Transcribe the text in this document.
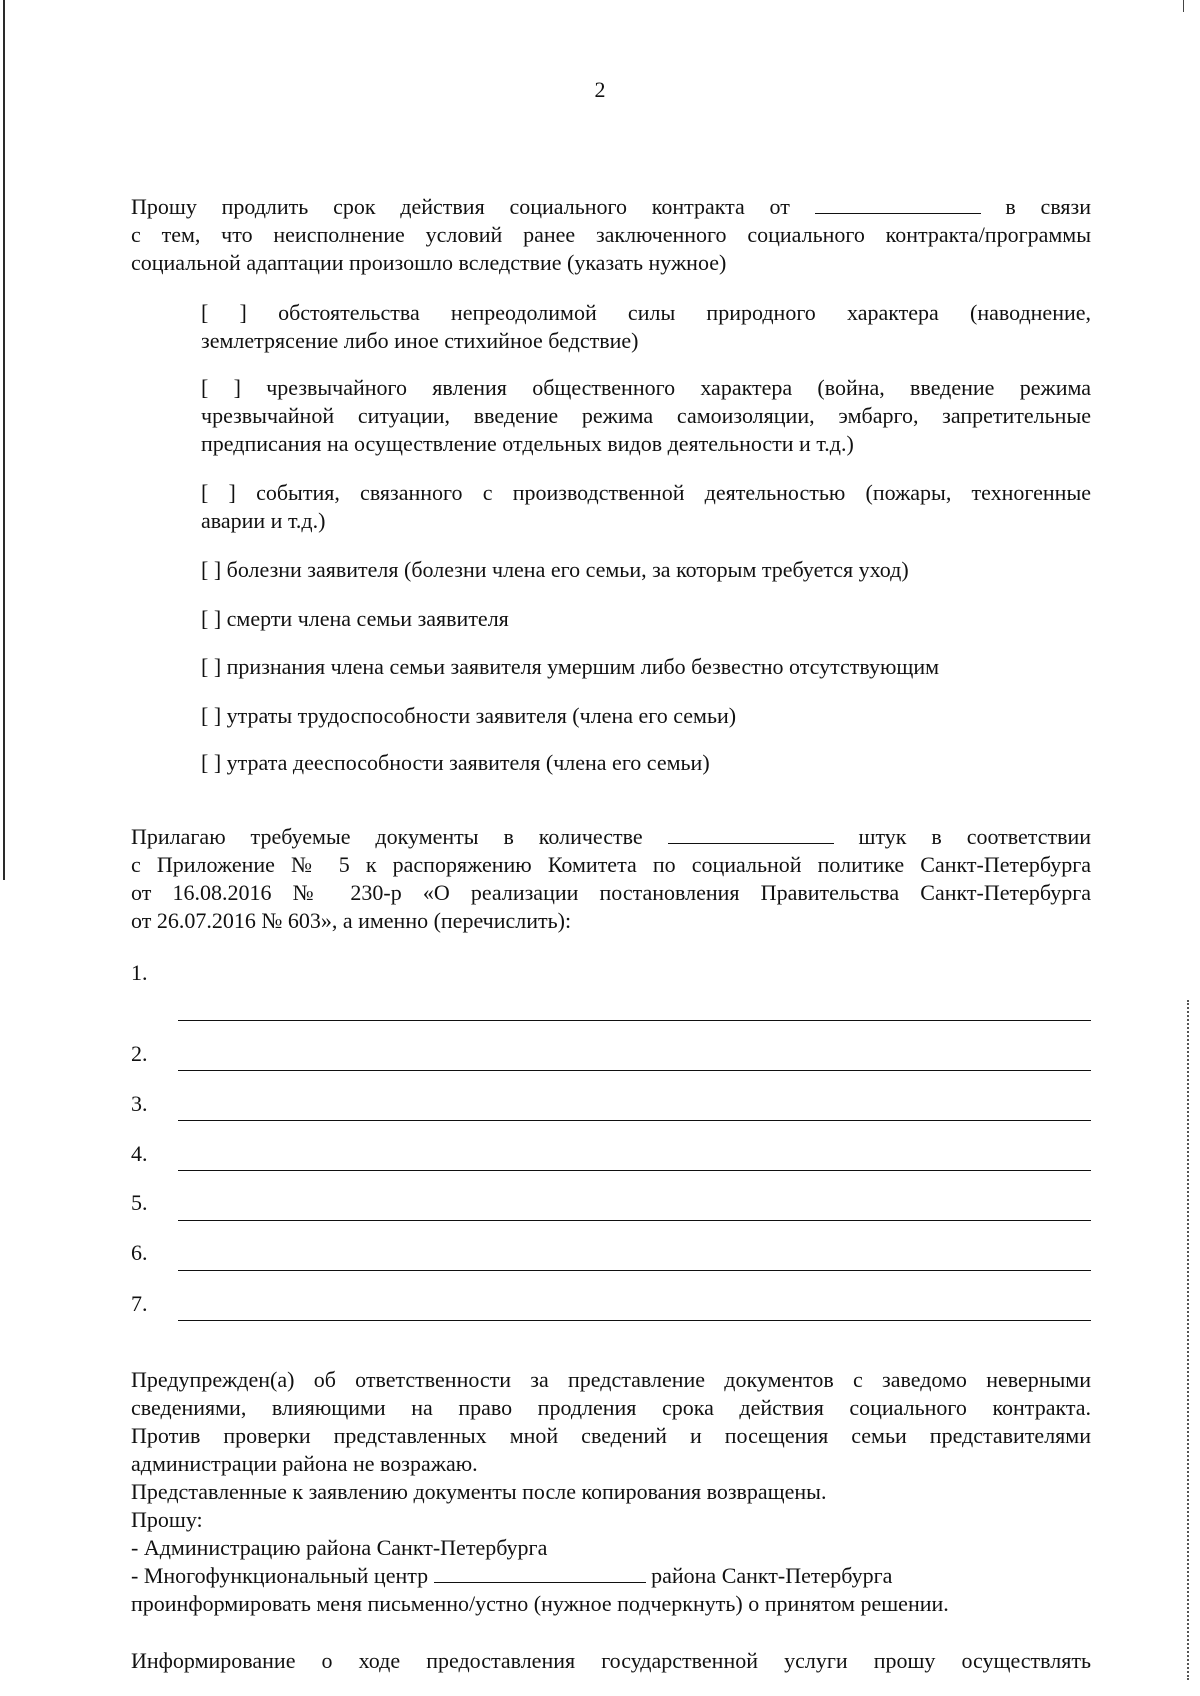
2
Прошу продлить срок действия социального контракта от	в связи
с тем, что неисполнение условий ранее заключенного социального контракта/программы
социальной адаптации произошло вследствие (указать нужное)
[ ] обстоятельства непреодолимой силы природного характера (наводнение,
землетрясение либо иное стихийное бедствие)
[ ] чрезвычайного явления общественного характера (война, введение режима
чрезвычайной ситуации, введение режима самоизоляции, эмбарго, запретительные
предписания на осуществление отдельных видов деятельности и т.д.)
[ ] события, связанного с производственной деятельностью (пожары, техногенные
аварии и т.д.)
[ ] болезни заявителя (болезни члена его семьи, за которым требуется уход)
[ ] смерти члена семьи заявителя
[ ] признания члена семьи заявителя умершим либо безвестно отсутствующим
[ ] утраты трудоспособности заявителя (члена его семьи)
[ ] утрата дееспособности заявителя (члена его семьи)
Прилагаю требуемые документы в количестве	штук в соответствии
с Приложение № 5 к распоряжению Комитета по социальной политике Санкт-Петербурга
от 16.08.2016 № 230-р «О реализации постановления Правительства Санкт-Петербурга
от 26.07.2016 № 603», а именно (перечислить):
1.
2.
3.
4.
5.
6.
7.
Предупрежден(а) об ответственности за представление документов с заведомо неверными
сведениями, влияющими на право продления срока действия социального контракта.
Против проверки представленных мной сведений и посещения семьи представителями
администрации района не возражаю.
Представленные к заявлению документы после копирования возвращены.
Прошу:
- Администрацию района Санкт-Петербурга
- Многофункциональный центр	района Санкт-Петербурга
проинформировать меня письменно/устно (нужное подчеркнуть) о принятом решении.
Информирование о ходе предоставления государственной услуги прошу осуществлять
